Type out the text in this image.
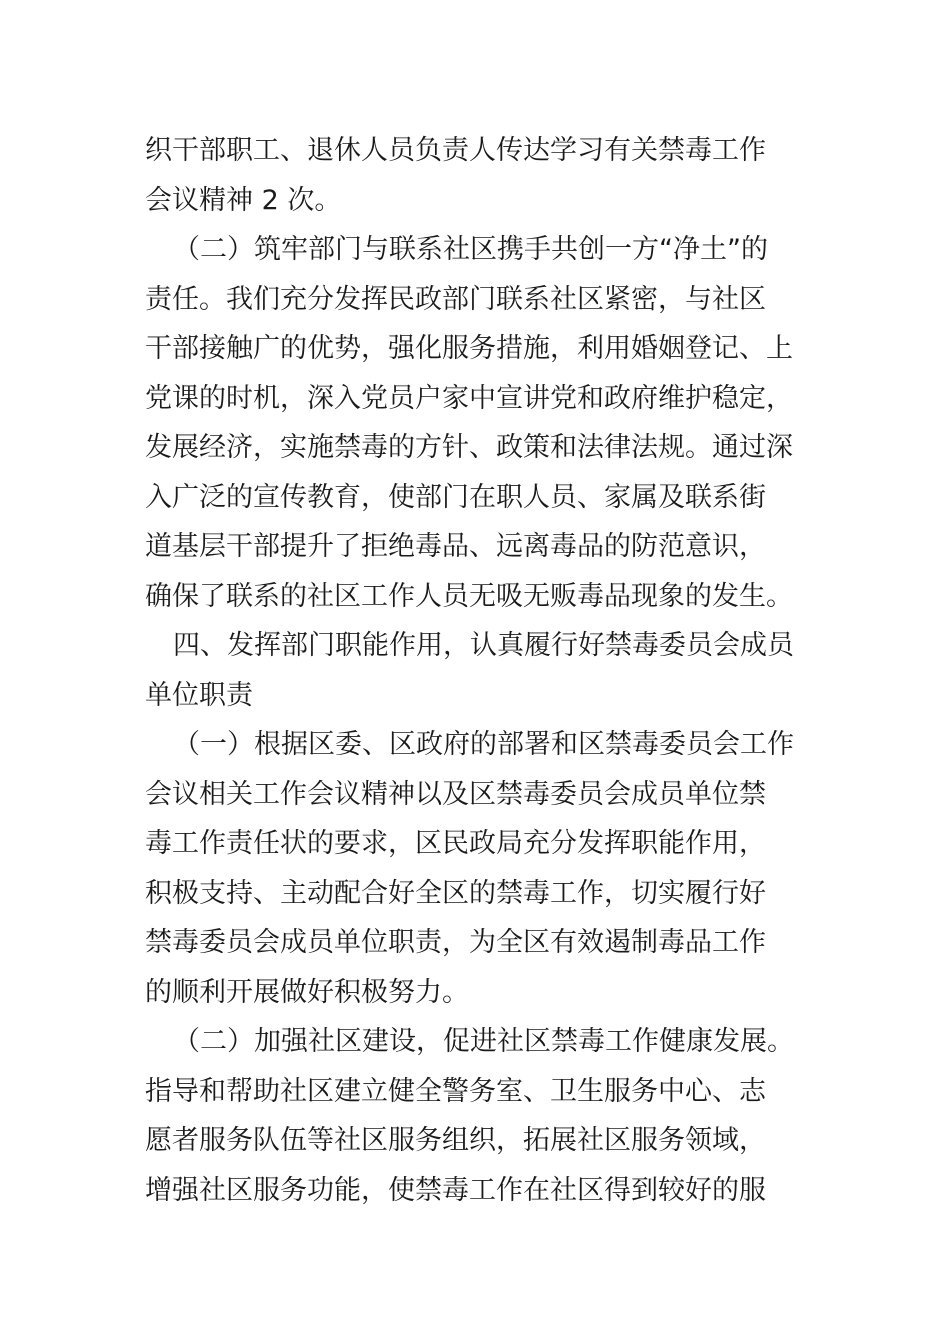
织干部职工、退休人员负责人传达学习有关禁毒工作
会议精神 2 次。
（二）筑牢部门与联系社区携手共创一方“净土”的
责任。我们充分发挥民政部门联系社区紧密，与社区
干部接触广的优势，强化服务措施，利用婚姻登记、上
党课的时机，深入党员户家中宣讲党和政府维护稳定，
发展经济，实施禁毒的方针、政策和法律法规。通过深
入广泛的宣传教育，使部门在职人员、家属及联系街
道基层干部提升了拒绝毒品、远离毒品的防范意识，
确保了联系的社区工作人员无吸无贩毒品现象的发生。
四、发挥部门职能作用，认真履行好禁毒委员会成员
单位职责
（一）根据区委、区政府的部署和区禁毒委员会工作
会议相关工作会议精神以及区禁毒委员会成员单位禁
毒工作责任状的要求，区民政局充分发挥职能作用，
积极支持、主动配合好全区的禁毒工作，切实履行好
禁毒委员会成员单位职责，为全区有效遏制毒品工作
的顺利开展做好积极努力。
（二）加强社区建设，促进社区禁毒工作健康发展。
指导和帮助社区建立健全警务室、卫生服务中心、志
愿者服务队伍等社区服务组织，拓展社区服务领域，
增强社区服务功能，使禁毒工作在社区得到较好的服
